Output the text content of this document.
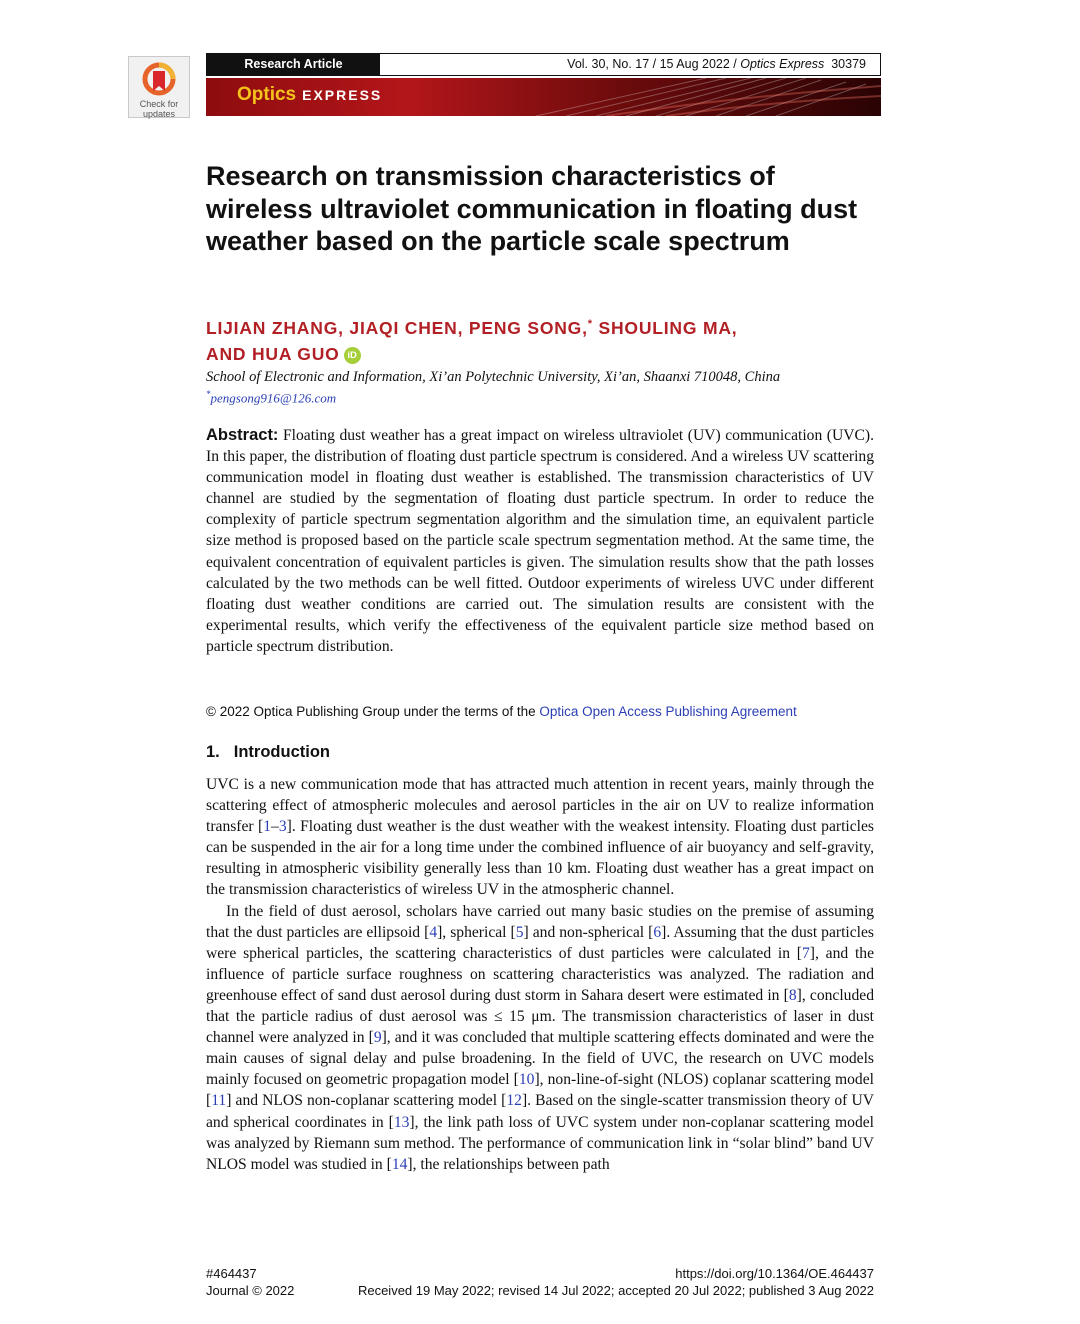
Check for
updates
Research Article	Vol. 30, No. 17 / 15 Aug 2022 / Optics Express 30379
Optics EXPRESS
Research on transmission characteristics of wireless ultraviolet communication in floating dust weather based on the particle scale spectrum
LIJIAN ZHANG, JIAQI CHEN, PENG SONG,* SHOULING MA,
AND HUA GUO iD
School of Electronic and Information, Xi’an Polytechnic University, Xi’an, Shaanxi 710048, China
*pengsong916@126.com
Abstract: Floating dust weather has a great impact on wireless ultraviolet (UV) communication (UVC). In this paper, the distribution of floating dust particle spectrum is considered. And a wireless UV scattering communication model in floating dust weather is established. The transmission characteristics of UV channel are studied by the segmentation of floating dust particle spectrum. In order to reduce the complexity of particle spectrum segmentation algorithm and the simulation time, an equivalent particle size method is proposed based on the particle scale spectrum segmentation method. At the same time, the equivalent concentration of equivalent particles is given. The simulation results show that the path losses calculated by the two methods can be well fitted. Outdoor experiments of wireless UVC under different floating dust weather conditions are carried out. The simulation results are consistent with the experimental results, which verify the effectiveness of the equivalent particle size method based on particle spectrum distribution.
© 2022 Optica Publishing Group under the terms of the Optica Open Access Publishing Agreement
1. Introduction

UVC is a new communication mode that has attracted much attention in recent years, mainly through the scattering effect of atmospheric molecules and aerosol particles in the air on UV to realize information transfer [1–3]. Floating dust weather is the dust weather with the weakest intensity. Floating dust particles can be suspended in the air for a long time under the combined influence of air buoyancy and self-gravity, resulting in atmospheric visibility generally less than 10 km. Floating dust weather has a great impact on the transmission characteristics of wireless UV in the atmospheric channel.

In the field of dust aerosol, scholars have carried out many basic studies on the premise of assuming that the dust particles are ellipsoid [4], spherical [5] and non-spherical [6]. Assuming that the dust particles were spherical particles, the scattering characteristics of dust particles were calculated in [7], and the influence of particle surface roughness on scattering characteristics was analyzed. The radiation and greenhouse effect of sand dust aerosol during dust storm in Sahara desert were estimated in [8], concluded that the particle radius of dust aerosol was ≤ 15 μm. The transmission characteristics of laser in dust channel were analyzed in [9], and it was concluded that multiple scattering effects dominated and were the main causes of signal delay and pulse broadening. In the field of UVC, the research on UVC models mainly focused on geometric propagation model [10], non-line-of-sight (NLOS) coplanar scattering model [11] and NLOS non-coplanar scattering model [12]. Based on the single-scatter transmission theory of UV and spherical coordinates in [13], the link path loss of UVC system under non-coplanar scattering model was analyzed by Riemann sum method. The performance of communication link in “solar blind” band UV NLOS model was studied in [14], the relationships between path

#464437
Journal © 2022
https://doi.org/10.1364/OE.464437
Received 19 May 2022; revised 14 Jul 2022; accepted 20 Jul 2022; published 3 Aug 2022
